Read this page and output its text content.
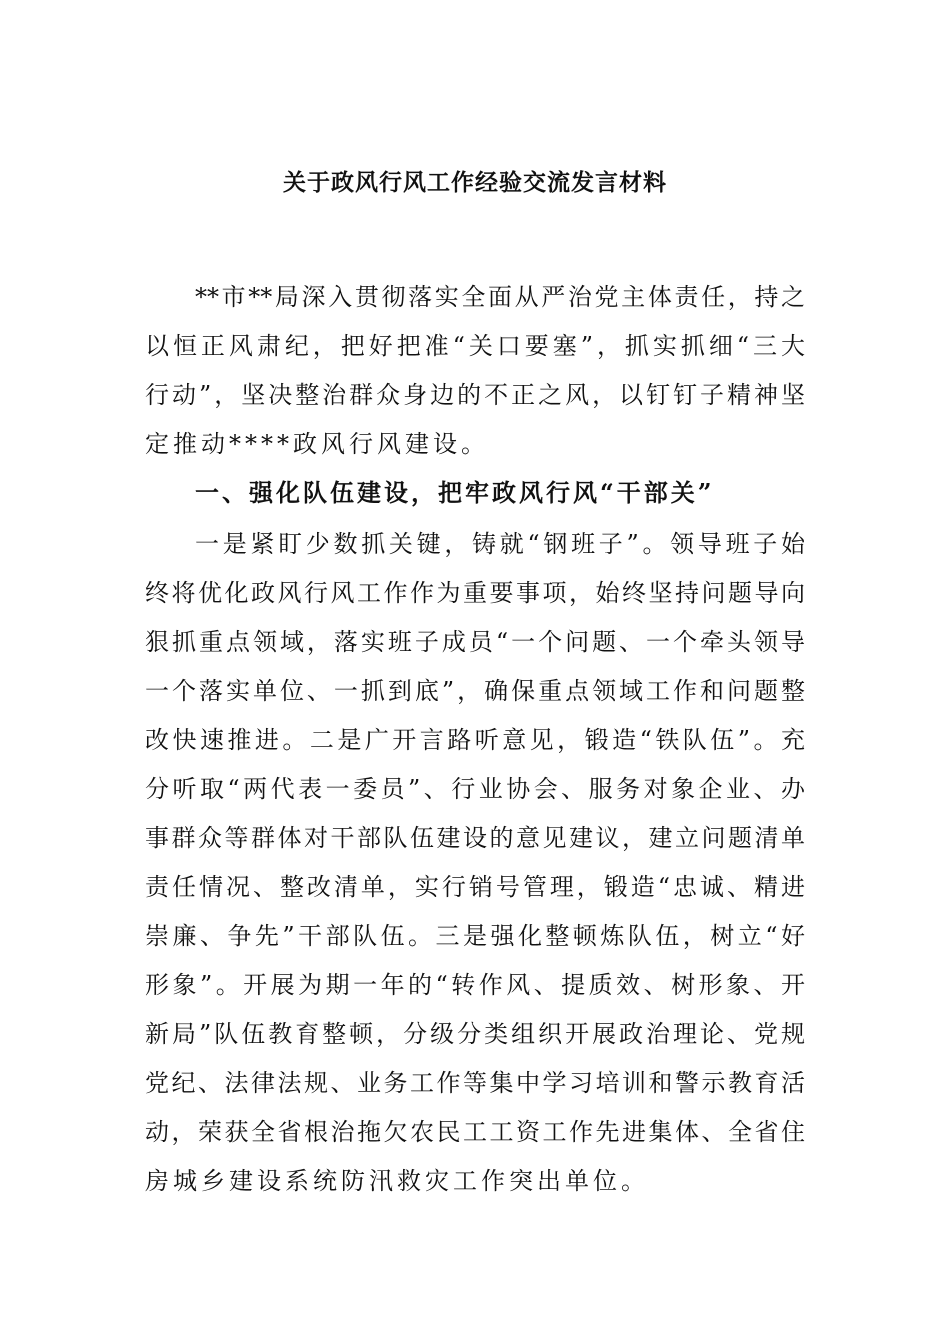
关于政风行风工作经验交流发言材料
**市**局深入贯彻落实全面从严治党主体责任，持之
以恒正风肃纪，把好把准“关口要塞”，抓实抓细“三大
行动”，坚决整治群众身边的不正之风，以钉钉子精神坚
定推动****政风行风建设。
一、强化队伍建设，把牢政风行风“干部关”
一是紧盯少数抓关键，铸就“钢班子”。领导班子始
终将优化政风行风工作作为重要事项，始终坚持问题导向
狠抓重点领域，落实班子成员“一个问题、一个牵头领导
一个落实单位、一抓到底”，确保重点领域工作和问题整
改快速推进。二是广开言路听意见，锻造“铁队伍”。充
分听取“两代表一委员”、行业协会、服务对象企业、办
事群众等群体对干部队伍建设的意见建议，建立问题清单
责任情况、整改清单，实行销号管理，锻造“忠诚、精进
崇廉、争先”干部队伍。三是强化整顿炼队伍，树立“好
形象”。开展为期一年的“转作风、提质效、树形象、开
新局”队伍教育整顿，分级分类组织开展政治理论、党规
党纪、法律法规、业务工作等集中学习培训和警示教育活
动，荣获全省根治拖欠农民工工资工作先进集体、全省住
房城乡建设系统防汛救灾工作突出单位。
